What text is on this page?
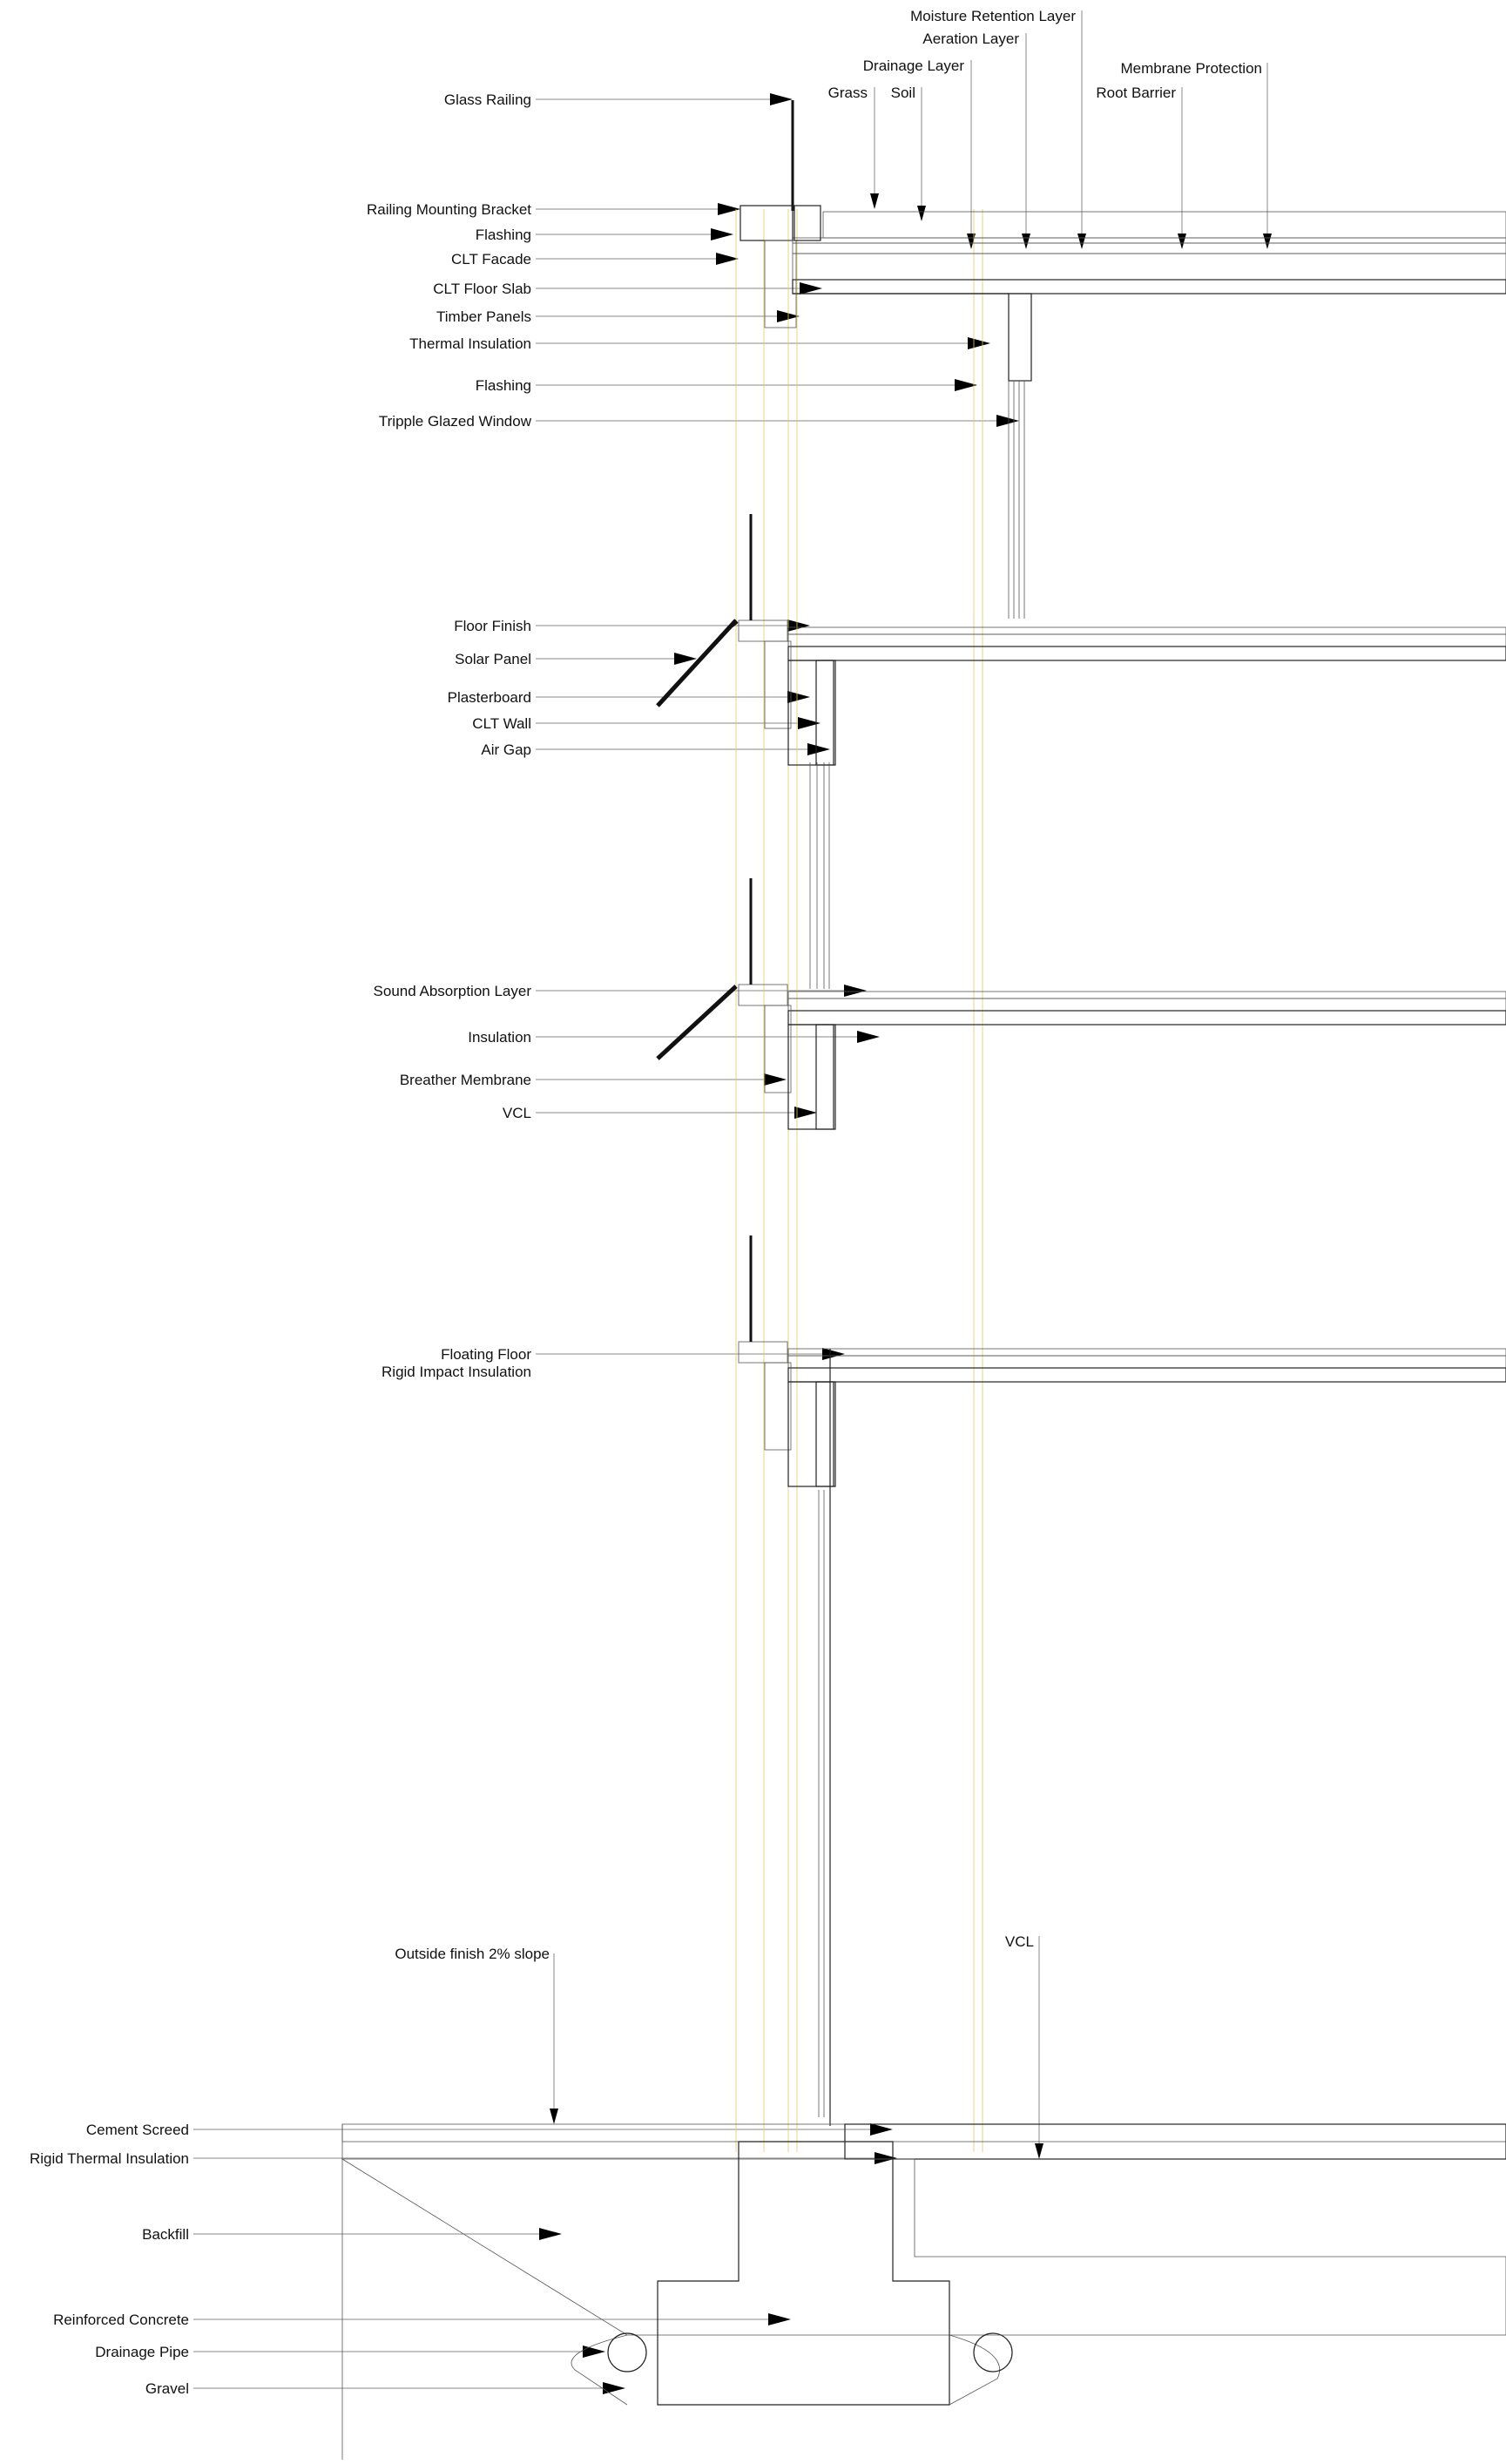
Glass Railing
Railing Mounting Bracket
Flashing
CLT Facade
CLT Floor Slab
Timber Panels
Thermal Insulation
Flashing
Tripple Glazed Window
Floor Finish
Solar Panel
Plasterboard
CLT Wall
Air Gap
Sound Absorption Layer
Insulation
Breather Membrane
VCL
Floating Floor
Rigid Impact Insulation
Cement Screed
Rigid Thermal Insulation
Backfill
Reinforced Concrete
Drainage Pipe
Gravel
Outside finish 2% slope
Moisture Retention Layer
Aeration Layer
Drainage Layer
Grass Soil
Membrane Protection
Root Barrier
VCL
